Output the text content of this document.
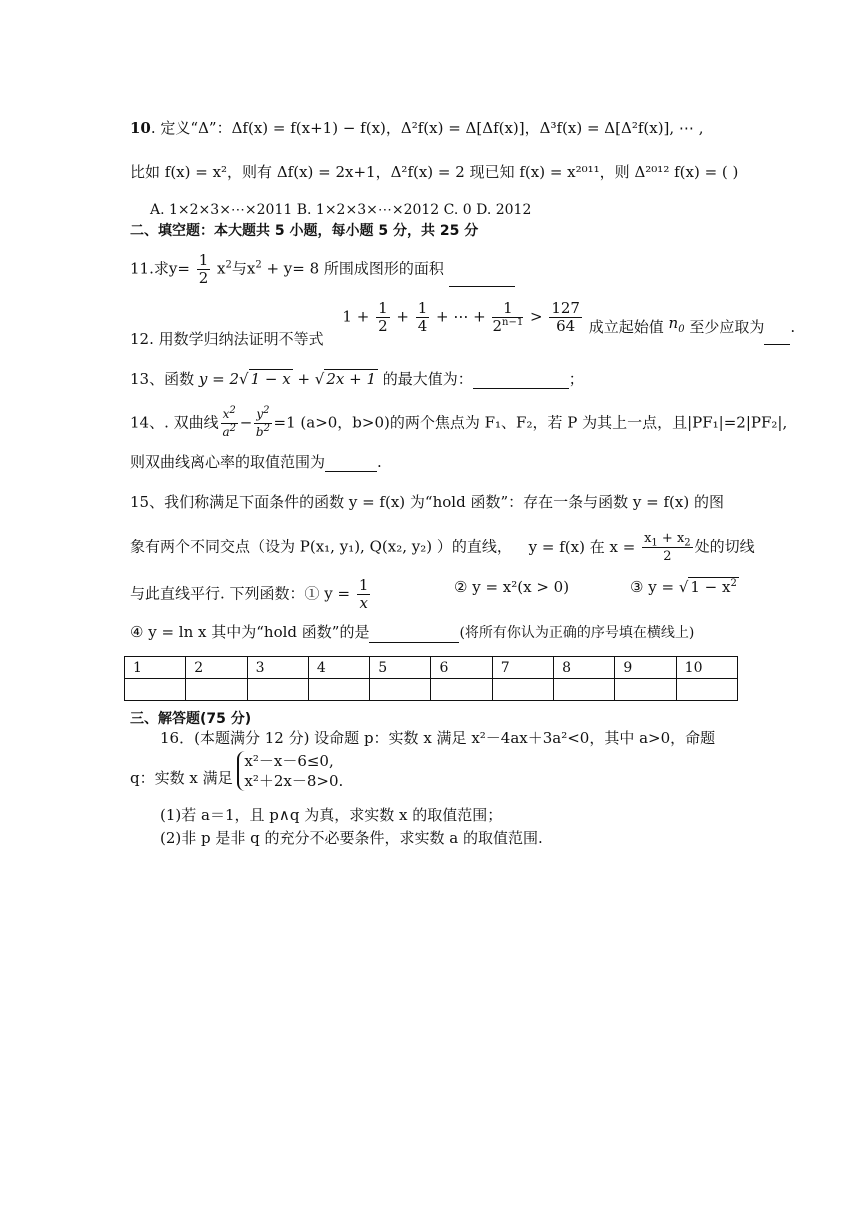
10. 定义“Δ”：Δf(x) = f(x+1) − f(x)，Δ²f(x) = Δ[Δf(x)]，Δ³f(x) = Δ[Δ²f(x)], ⋯ ,
比如 f(x) = x²，则有 Δf(x) = 2x+1，Δ²f(x) = 2 现已知 f(x) = x²⁰¹¹，则 Δ²⁰¹² f(x) = ( )
A. 1×2×3×⋯×2011 B. 1×2×3×⋯×2012 C. 0 D. 2012
二、填空题：本大题共 5 小题，每小题 5 分，共 25 分
11.求$y= \frac{1}{2} x^2$与$x^2 + y= 8$ 所围成图形的面积
12. 用数学归纳法证明不等式 $1 + \frac{1}{2} + \frac{1}{4}$ + ⋯ + $\frac{1}{2^{n-1}} > \frac{127}{64}$ 成立起始值 $n_0$ 至少应取为 .
13、函数 y = 2√ 1 − x + √ 2x + 1 的最大值为：	；
14、. 双曲线 $\frac{x^2}{a^2} - \frac{y^2}{b^2} =1$ (a>0，b>0)的两个焦点为 F₁、F₂，若 P 为其上一点，且|PF₁|=2|PF₂|,
则双曲线离心率的取值范围为	.
15、我们称满足下面条件的函数 y = f(x) 为“hold 函数”：存在一条与函数 y = f(x) 的图
象有两个不同交点（设为 P(x₁, y₁), Q(x₂, y₂) ）的直线， y = f(x) 在 $x = \frac{x_1 + x_2}{2}$ 处的切线
与此直线平行. 下列函数：① $y = \frac{1}{x}$	② y = x²(x > 0)	③ y = √ $1 - x^2$
④ y = ln x 其中为“hold 函数”的是	(将所有你认为正确的序号填在横线上)
1	2	3	4	5	6	7	8	9	10

三、解答题(75 分)
16．(本题满分 12 分) 设命题 p：实数 x 满足 x²－4ax＋3a²<0，其中 a>0，命题
q：实数 x 满足
x²－x－6≤0,
x²＋2x－8>0.
(1)若 a＝1，且 p∧q 为真，求实数 x 的取值范围；
(2)非 p 是非 q 的充分不必要条件，求实数 a 的取值范围.
